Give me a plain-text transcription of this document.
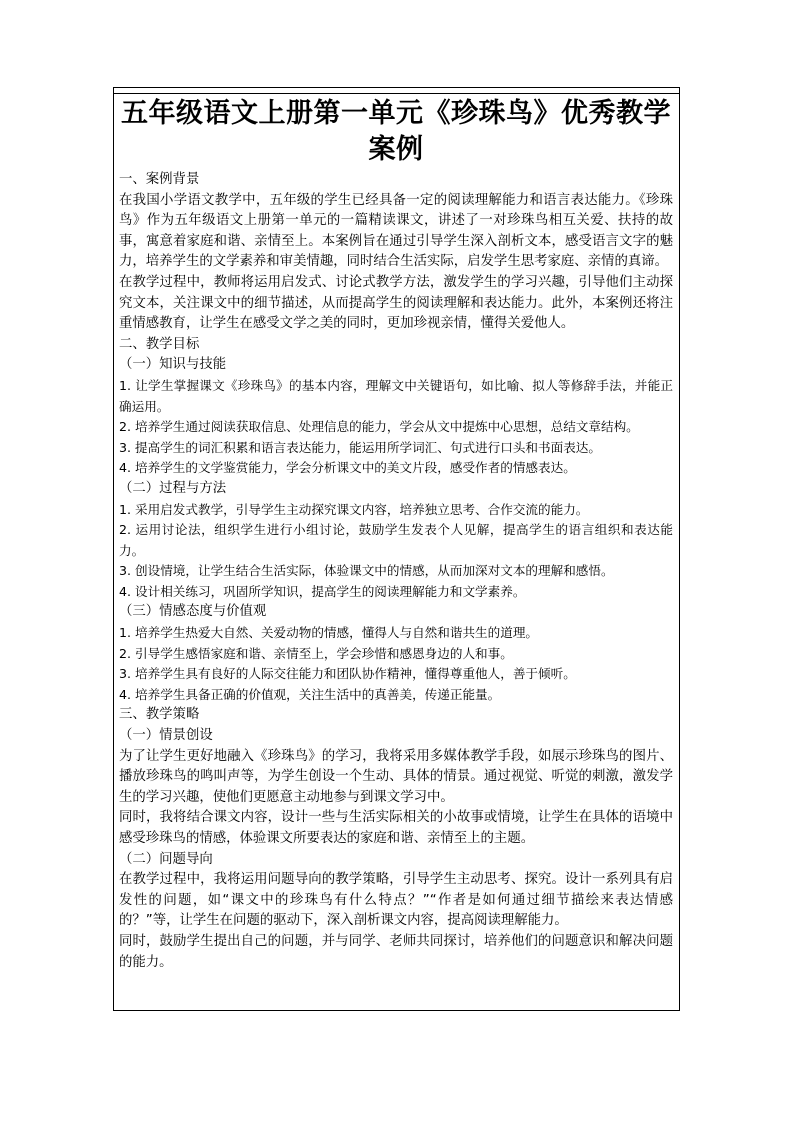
五年级语文上册第一单元《珍珠鸟》优秀教学案例
一、案例背景
在我国小学语文教学中，五年级的学生已经具备一定的阅读理解能力和语言表达能力。《珍珠鸟》作为五年级语文上册第一单元的一篇精读课文，讲述了一对珍珠鸟相互关爱、扶持的故事，寓意着家庭和谐、亲情至上。本案例旨在通过引导学生深入剖析文本，感受语言文字的魅力，培养学生的文学素养和审美情趣，同时结合生活实际，启发学生思考家庭、亲情的真谛。
在教学过程中，教师将运用启发式、讨论式教学方法，激发学生的学习兴趣，引导他们主动探究文本，关注课文中的细节描述，从而提高学生的阅读理解和表达能力。此外，本案例还将注重情感教育，让学生在感受文学之美的同时，更加珍视亲情，懂得关爱他人。
二、教学目标
（一）知识与技能
1. 让学生掌握课文《珍珠鸟》的基本内容，理解文中关键语句，如比喻、拟人等修辞手法，并能正确运用。
2. 培养学生通过阅读获取信息、处理信息的能力，学会从文中提炼中心思想，总结文章结构。
3. 提高学生的词汇积累和语言表达能力，能运用所学词汇、句式进行口头和书面表达。
4. 培养学生的文学鉴赏能力，学会分析课文中的美文片段，感受作者的情感表达。
（二）过程与方法
1. 采用启发式教学，引导学生主动探究课文内容，培养独立思考、合作交流的能力。
2. 运用讨论法，组织学生进行小组讨论，鼓励学生发表个人见解，提高学生的语言组织和表达能力。
3. 创设情境，让学生结合生活实际，体验课文中的情感，从而加深对文本的理解和感悟。
4. 设计相关练习，巩固所学知识，提高学生的阅读理解能力和文学素养。
（三）情感态度与价值观
1. 培养学生热爱大自然、关爱动物的情感，懂得人与自然和谐共生的道理。
2. 引导学生感悟家庭和谐、亲情至上，学会珍惜和感恩身边的人和事。
3. 培养学生具有良好的人际交往能力和团队协作精神，懂得尊重他人，善于倾听。
4. 培养学生具备正确的价值观，关注生活中的真善美，传递正能量。
三、教学策略
（一）情景创设
为了让学生更好地融入《珍珠鸟》的学习，我将采用多媒体教学手段，如展示珍珠鸟的图片、播放珍珠鸟的鸣叫声等，为学生创设一个生动、具体的情景。通过视觉、听觉的刺激，激发学生的学习兴趣，使他们更愿意主动地参与到课文学习中。
同时，我将结合课文内容，设计一些与生活实际相关的小故事或情境，让学生在具体的语境中感受珍珠鸟的情感，体验课文所要表达的家庭和谐、亲情至上的主题。
（二）问题导向
在教学过程中，我将运用问题导向的教学策略，引导学生主动思考、探究。设计一系列具有启发性的问题，如“课文中的珍珠鸟有什么特点？”“作者是如何通过细节描绘来表达情感的？”等，让学生在问题的驱动下，深入剖析课文内容，提高阅读理解能力。
同时，鼓励学生提出自己的问题，并与同学、老师共同探讨，培养他们的问题意识和解决问题的能力。
